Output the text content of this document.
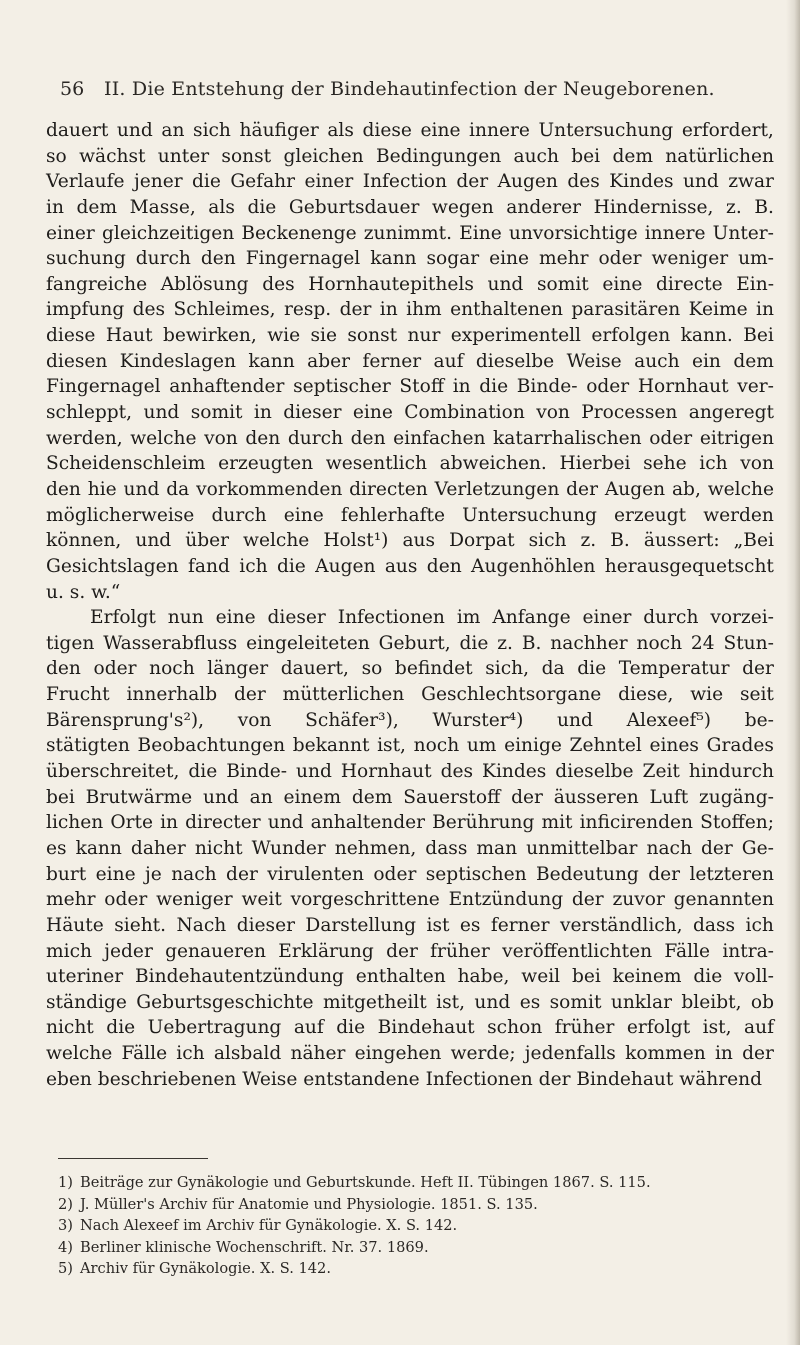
56 II. Die Entstehung der Bindehautinfection der Neugeborenen.
dauert und an sich häufiger als diese eine innere Untersuchung erfordert,
so wächst unter sonst gleichen Bedingungen auch bei dem natürlichen
Verlaufe jener die Gefahr einer Infection der Augen des Kindes und zwar
in dem Masse, als die Geburtsdauer wegen anderer Hindernisse, z. B.
einer gleichzeitigen Beckenenge zunimmt. Eine unvorsichtige innere Unter-
suchung durch den Fingernagel kann sogar eine mehr oder weniger um-
fangreiche Ablösung des Hornhautepithels und somit eine directe Ein-
impfung des Schleimes, resp. der in ihm enthaltenen parasitären Keime in
diese Haut bewirken, wie sie sonst nur experimentell erfolgen kann. Bei
diesen Kindeslagen kann aber ferner auf dieselbe Weise auch ein dem
Fingernagel anhaftender septischer Stoff in die Binde- oder Hornhaut ver-
schleppt, und somit in dieser eine Combination von Processen angeregt
werden, welche von den durch den einfachen katarrhalischen oder eitrigen
Scheidenschleim erzeugten wesentlich abweichen. Hierbei sehe ich von
den hie und da vorkommenden directen Verletzungen der Augen ab, welche
möglicherweise durch eine fehlerhafte Untersuchung erzeugt werden
können, und über welche Holst¹) aus Dorpat sich z. B. äussert: „Bei
Gesichtslagen fand ich die Augen aus den Augenhöhlen herausgequetscht
u. s. w.“
Erfolgt nun eine dieser Infectionen im Anfange einer durch vorzei-
tigen Wasserabfluss eingeleiteten Geburt, die z. B. nachher noch 24 Stun-
den oder noch länger dauert, so befindet sich, da die Temperatur der
Frucht innerhalb der mütterlichen Geschlechtsorgane diese, wie seit
Bärensprung's²), von Schäfer³), Wurster⁴) und Alexeef⁵) be-
stätigten Beobachtungen bekannt ist, noch um einige Zehntel eines Grades
überschreitet, die Binde- und Hornhaut des Kindes dieselbe Zeit hindurch
bei Brutwärme und an einem dem Sauerstoff der äusseren Luft zugäng-
lichen Orte in directer und anhaltender Berührung mit inficirenden Stoffen;
es kann daher nicht Wunder nehmen, dass man unmittelbar nach der Ge-
burt eine je nach der virulenten oder septischen Bedeutung der letzteren
mehr oder weniger weit vorgeschrittene Entzündung der zuvor genannten
Häute sieht. Nach dieser Darstellung ist es ferner verständlich, dass ich
mich jeder genaueren Erklärung der früher veröffentlichten Fälle intra-
uteriner Bindehautentzündung enthalten habe, weil bei keinem die voll-
ständige Geburtsgeschichte mitgetheilt ist, und es somit unklar bleibt, ob
nicht die Uebertragung auf die Bindehaut schon früher erfolgt ist, auf
welche Fälle ich alsbald näher eingehen werde; jedenfalls kommen in der
eben beschriebenen Weise entstandene Infectionen der Bindehaut während
1) Beiträge zur Gynäkologie und Geburtskunde. Heft II. Tübingen 1867. S. 115.
2) J. Müller's Archiv für Anatomie und Physiologie. 1851. S. 135.
3) Nach Alexeef im Archiv für Gynäkologie. X. S. 142.
4) Berliner klinische Wochenschrift. Nr. 37. 1869.
5) Archiv für Gynäkologie. X. S. 142.
